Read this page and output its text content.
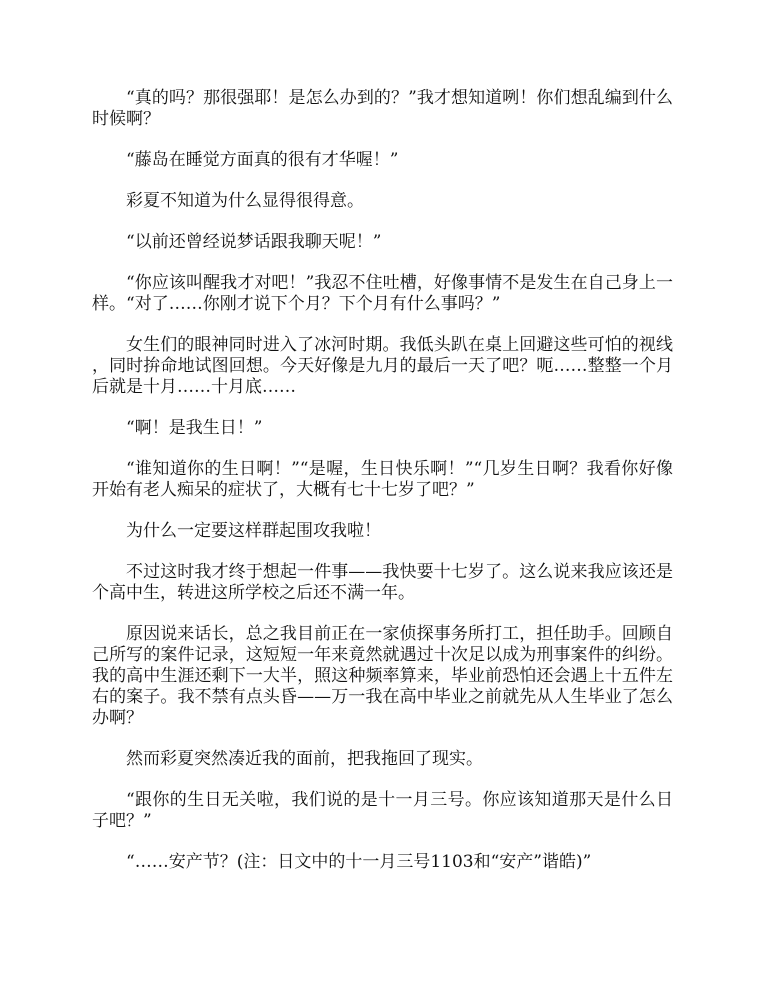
“真的吗？那很强耶！是怎么办到的？”我才想知道咧！你们想乱编到什么时候啊？

“藤岛在睡觉方面真的很有才华喔！”

彩夏不知道为什么显得很得意。

“以前还曾经说梦话跟我聊天呢！”

“你应该叫醒我才对吧！”我忍不住吐槽，好像事情不是发生在自己身上一样。“对了……你刚才说下个月？下个月有什么事吗？”

女生们的眼神同时进入了冰河时期。我低头趴在桌上回避这些可怕的视线，同时拚命地试图回想。今天好像是九月的最后一天了吧？呃……整整一个月后就是十月……十月底……

“啊！是我生日！”

“谁知道你的生日啊！”“是喔，生日快乐啊！”“几岁生日啊？我看你好像开始有老人痴呆的症状了，大概有七十七岁了吧？”

为什么一定要这样群起围攻我啦！

不过这时我才终于想起一件事——我快要十七岁了。这么说来我应该还是个高中生，转进这所学校之后还不满一年。

原因说来话长，总之我目前正在一家侦探事务所打工，担任助手。回顾自己所写的案件记录，这短短一年来竟然就遇过十次足以成为刑事案件的纠纷。我的高中生涯还剩下一大半，照这种频率算来，毕业前恐怕还会遇上十五件左右的案子。我不禁有点头昏——万一我在高中毕业之前就先从人生毕业了怎么办啊？

然而彩夏突然凑近我的面前，把我拖回了现实。

“跟你的生日无关啦，我们说的是十一月三号。你应该知道那天是什么日子吧？”

“……安产节？(注：日文中的十一月三号1103和“安产”谐皓)”
